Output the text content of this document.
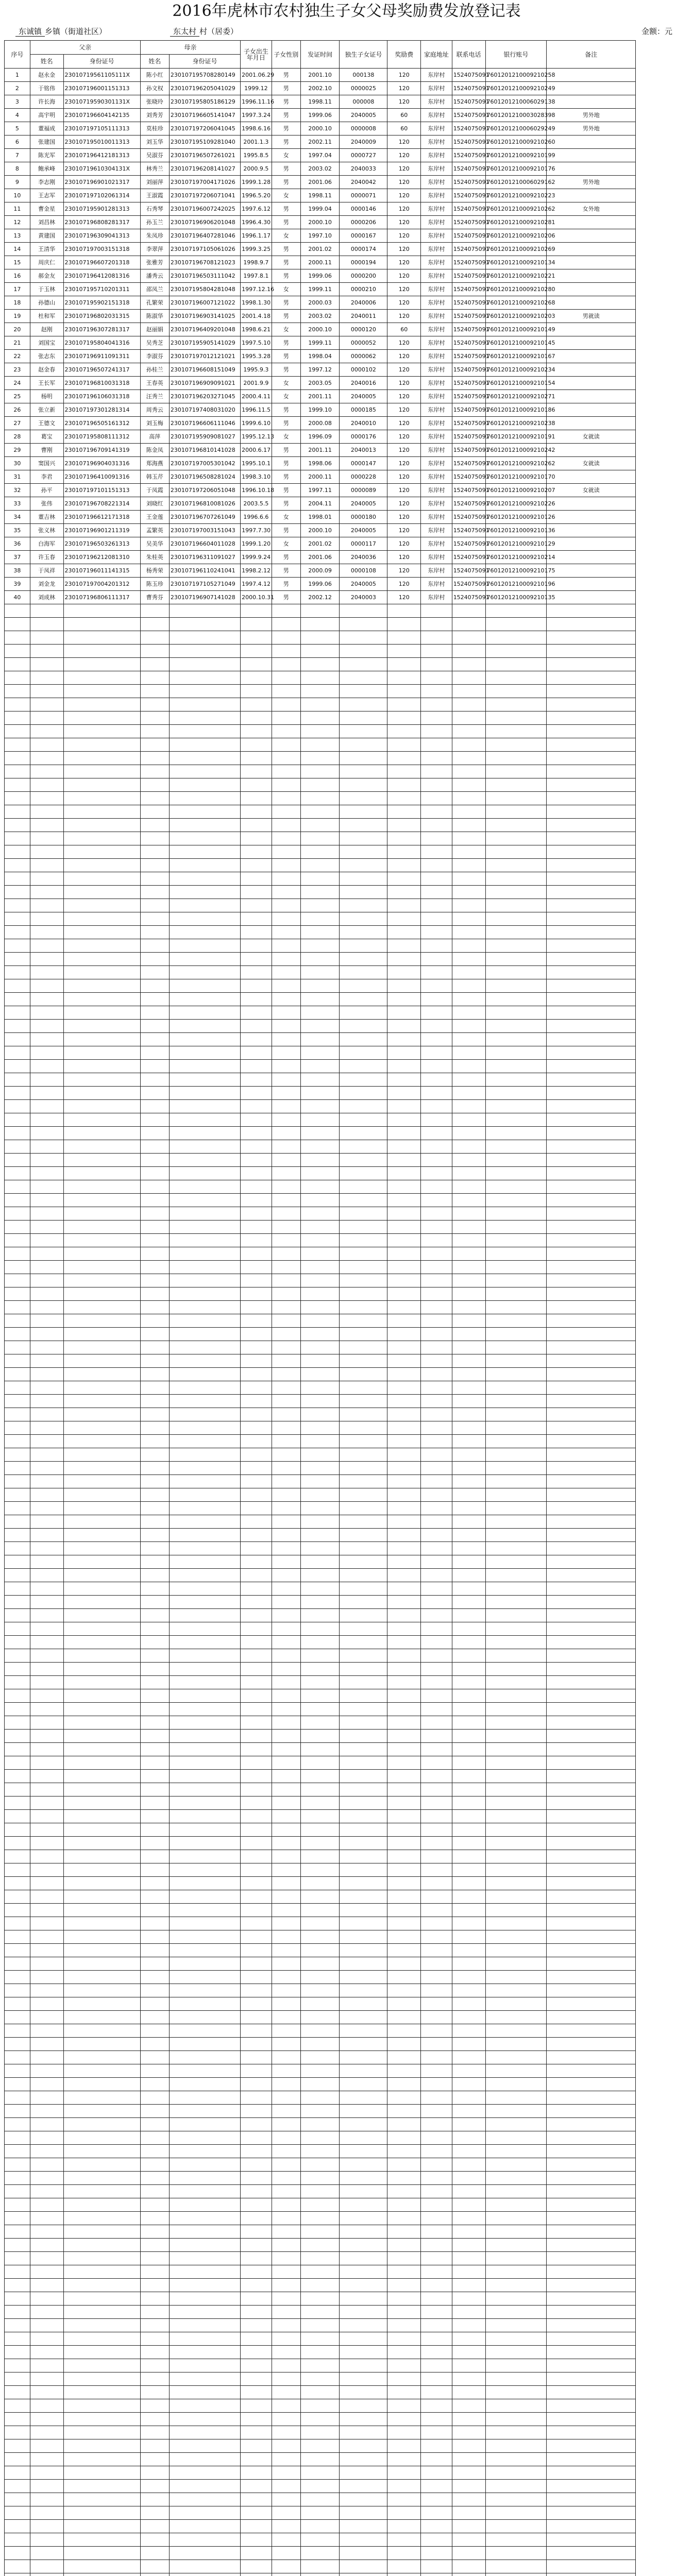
2016年虎林市农村独生子女父母奖励费发放登记表
东诚镇 乡镇（街道社区）	东太村 村（居委）	金额：元
序号	父亲		母亲		子女出生年月日	子女性别	发证时间	独生子女证号	奖励费	家庭地址	联系电话	银行账号	备注
	姓名	身份证号	姓名	身份证号									
1	赵永金	23010719561105111X	陈小红	230107195708280149	2001.06.29	男	2001.10	000138	120	东岸村	1524075091	7601201210009210258	
2	于铭伟	230107196001151313	孙文权	230107196205041029	1999.12	男	2002.10	0000025	120	东岸村	1524075091	7601201210009210249	
3	许长海	23010719590301131X	张晓玲	230107195805186129	1996.11.16	男	1998.11	000008	120	东岸村	1524075091	7601201210006029138	
4	高宇明	230107196604142135	刘秀芳	230107196605141047	1997.3.24	男	1999.06	2040005	60	东岸村	1524075091	7601201210003028398	男外地
5	董福成	230107197105111313	莫桂珍	230107197206041045	1998.6.16	男	2000.10	0000008	60	东岸村	1524075091	7601201210006029249	男外地
6	张建国	230107195010011313	刘玉华	230107195109281040	2001.1.3	男	2002.11	2040009	120	东岸村	1524075091	7601201210009210260	
7	陈光军	230107196412181313	吴淑芬	230107196507261021	1995.8.5	女	1997.04	0000727	120	东岸村	1524075091	7601201210009210199	
8	鲍承峰	23010719610304131X	林秀兰	230107196208141027	2000.9.5	男	2003.02	2040033	120	东岸村	1524075091	7601201210009210176	
9	李志刚	230107196901021317	刘丽萍	230107197004171026	1999.1.28	男	2001.06	2040042	120	东岸村	1524075091	7601201210006029162	男外地
10	王志军	230107197102061314	王淑霞	230107197206071041	1996.5.20	女	1998.11	0000071	120	东岸村	1524075091	7601201210009210223	
11	曹金星	230107195901281313	石秀琴	230107196007242025	1997.6.12	男	1999.04	0000146	120	东岸村	1524075091	7601201210009210262	女外地
12	刘昌林	230107196808281317	孙玉兰	230107196906201048	1996.4.30	男	2000.10	0000206	120	东岸村	1524075091	7601201210009210281	
13	黄建国	230107196309041313	朱凤珍	230107196407281046	1996.1.17	女	1997.10	0000167	120	东岸村	1524075091	7601201210009210206	
14	王清华	230107197003151318	李翠萍	230107197105061026	1999.3.25	男	2001.02	0000174	120	东岸村	1524075091	7601201210009210269	
15	周庆仁	230107196607201318	张雅芳	230107196708121023	1998.9.7	男	2000.11	0000194	120	东岸村	1524075091	7601201210009210134	
16	郝金友	230107196412081316	潘秀云	230107196503111042	1997.8.1	男	1999.06	0000200	120	东岸村	1524075091	7601201210009210221	
17	于玉林	230107195710201311	邵凤兰	230107195804281048	1997.12.16	女	1999.11	0000210	120	东岸村	1524075091	7601201210009210280	
18	孙德山	230107195902151318	孔繁荣	230107196007121022	1998.1.30	男	2000.03	2040006	120	东岸村	1524075091	7601201210009210268	
19	杜和军	230107196802031315	陈淑华	230107196903141025	2001.4.18	男	2003.02	2040011	120	东岸村	1524075091	7601201210009210203	男就读
20	赵刚	230107196307281317	赵丽娟	230107196409201048	1998.6.21	女	2000.10	0000120	60	东岸村	1524075091	7601201210009210149	
21	刘国宝	230107195804041316	吴秀芝	230107195905141029	1997.5.10	男	1999.11	0000052	120	东岸村	1524075091	7601201210009210145	
22	张志东	230107196911091311	李淑芬	230107197012121021	1995.3.28	男	1998.04	0000062	120	东岸村	1524075091	7601201210009210167	
23	赵金春	230107196507241317	孙桂兰	230107196608151049	1995.9.3	男	1997.12	0000102	120	东岸村	1524075091	7601201210009210234	
24	王长军	230107196810031318	王春英	230107196909091021	2001.9.9	女	2003.05	2040016	120	东岸村	1524075091	7601201210009210154	
25	杨明	230107196106031318	汪秀兰	230107196203271045	2000.4.11	女	2001.11	2040005	120	东岸村	1524075091	7601201210009210271	
26	张立新	230107197301281314	周秀云	230107197408031020	1996.11.5	男	1999.10	0000185	120	东岸村	1524075091	7601201210009210186	
27	王德文	230107196505161312	刘玉梅	230107196606111046	1999.6.10	男	2000.08	2040010	120	东岸村	1524075091	7601201210009210238	
28	葛宝	230107195808111312	高萍	230107195909081027	1995.12.13	女	1996.09	0000176	120	东岸村	1524075091	7601201210009210191	女就读
29	曹刚	230107196709141319	陈金凤	230107196810141028	2000.6.17	男	2001.11	2040013	120	东岸村	1524075091	7601201210009210242	
30	窦国兴	230107196904031316	郑海燕	230107197005301042	1995.10.1	男	1998.06	0000147	120	东岸村	1524075091	7601201210009210262	女就读
31	李君	230107196410091316	韩玉芹	230107196508281024	1998.3.10	男	2000.11	0000228	120	东岸村	1524075091	7601201210009210170	
32	孙平	230107197101151313	于凤霞	230107197206051048	1996.10.18	男	1997.11	0000089	120	东岸村	1524075091	7601201210009210207	女就读
33	张伟	230107196708221314	刘晓红	230107196810081026	2003.5.5	男	2004.11	2040005	120	东岸村	1524075091	7601201210009210226	
34	董吉林	230107196612171318	王金莲	230107196707261049	1996.6.6	女	1998.01	0000180	120	东岸村	1524075091	7601201210009210126	
35	张义林	230107196901211319	孟繁英	230107197003151043	1997.7.30	男	2000.10	2040005	120	东岸村	1524075091	7601201210009210136	
36	白海军	230107196503261313	吴美华	230107196604011028	1999.1.20	女	2001.02	0000117	120	东岸村	1524075091	7601201210009210129	
37	许玉春	230107196212081310	朱桂英	230107196311091027	1999.9.24	男	2001.06	2040036	120	东岸村	1524075091	7601201210009210214	
38	于凤祥	230107196011141315	杨秀荣	230107196110241041	1998.2.12	男	2000.09	0000108	120	东岸村	1524075091	7601201210009210175	
39	刘金龙	230107197004201312	陈玉珍	230107197105271049	1997.4.12	男	1999.06	2040005	120	东岸村	1524075091	7601201210009210196	
40	刘成林	230107196806111317	曹秀芬	230107196907141028	2000.10.31	男	2002.12	2040003	120	东岸村	1524075091	7601201210009210135	
